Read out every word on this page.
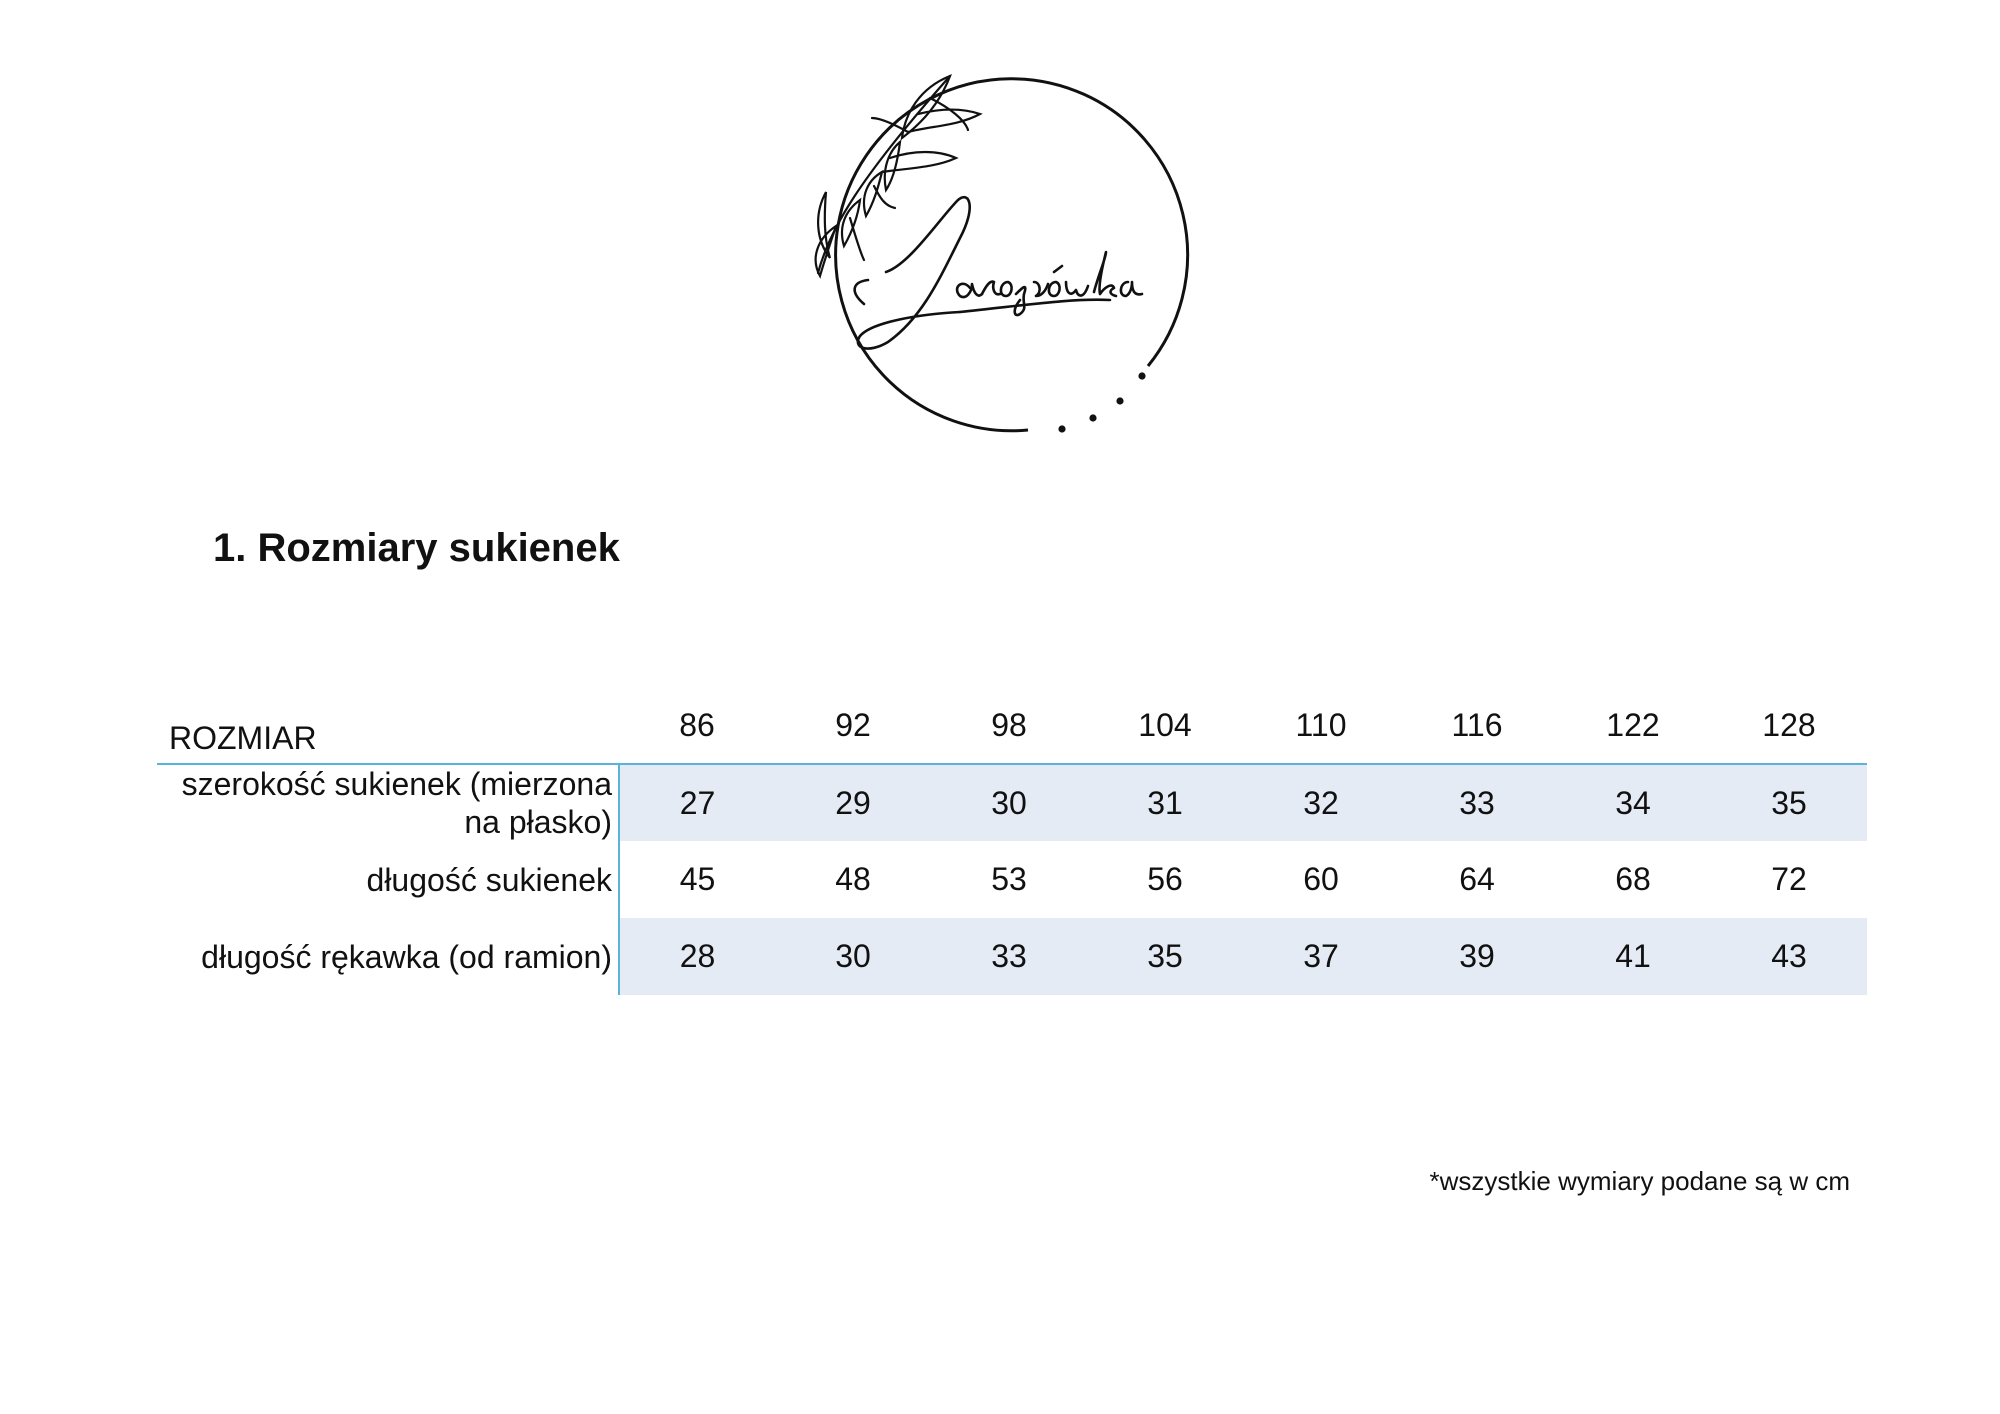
1. Rozmiary sukienek
ROZMIAR	86	92	98	104	110	116	122	128
szerokość sukienek (mierzona na płasko)	27	29	30	31	32	33	34	35
długość sukienek	45	48	53	56	60	64	68	72
długość rękawka (od ramion)	28	30	33	35	37	39	41	43

*wszystkie wymiary podane są w cm
